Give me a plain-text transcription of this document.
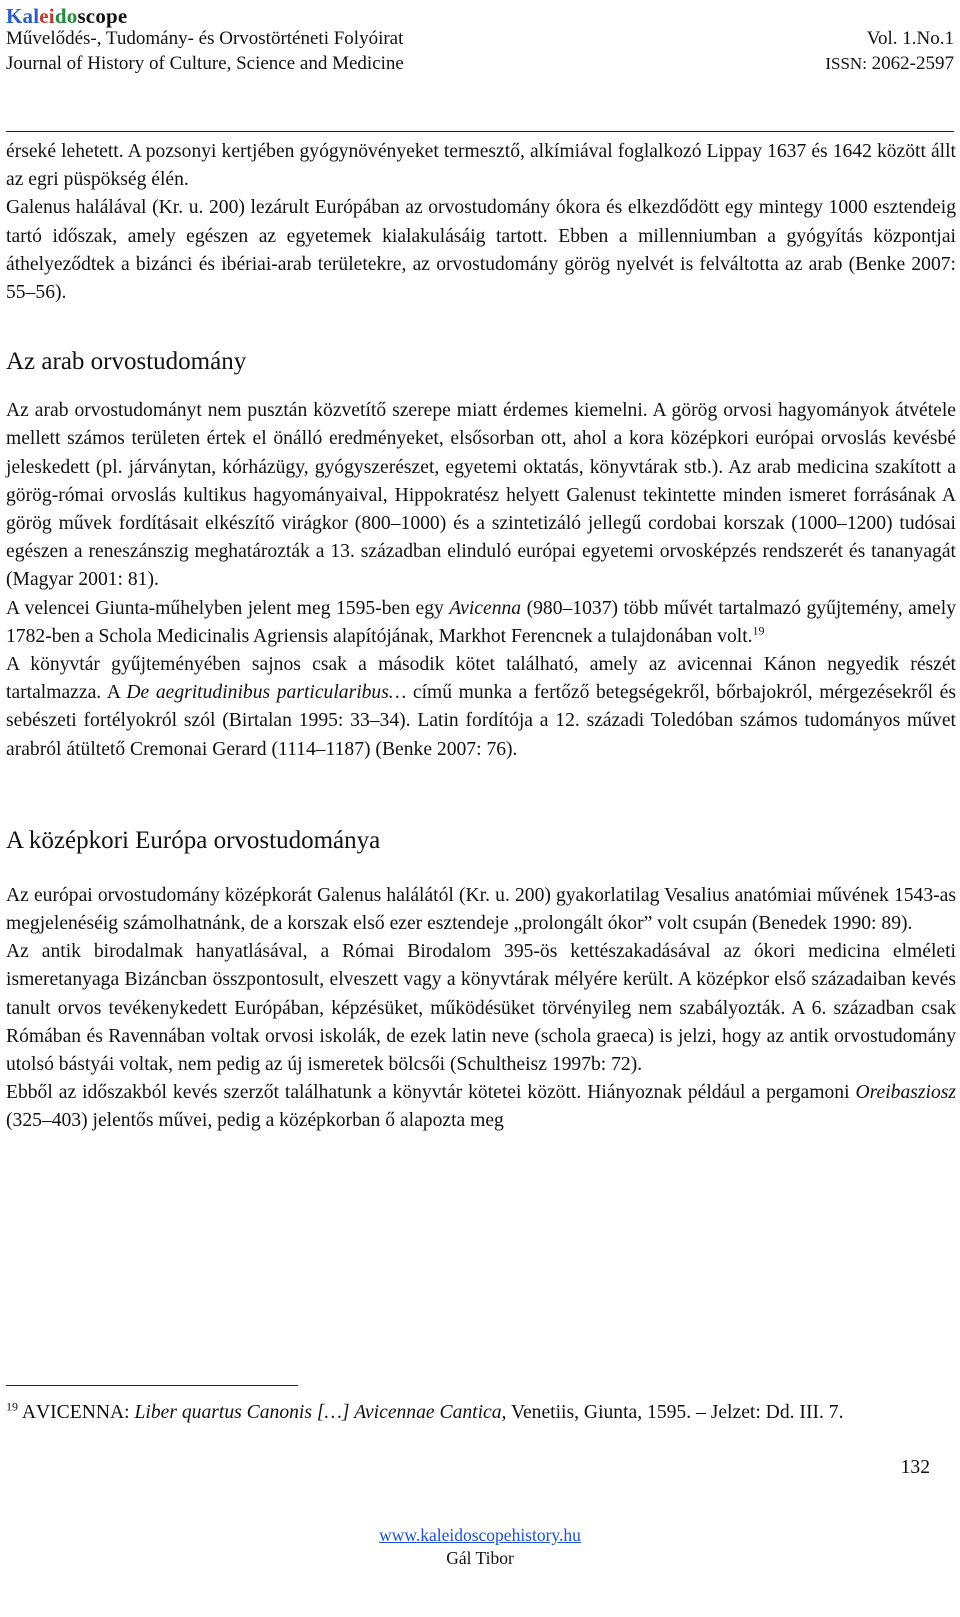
Kaleidoscope
Művelődés-, Tudomány- és Orvostörténeti Folyóirat	Vol. 1.No.1
Journal of History of Culture, Science and Medicine	ISSN: 2062-2597

érseké lehetett. A pozsonyi kertjében gyógynövényeket termesztő, alkímiával foglalkozó Lippay 1637 és 1642 között állt az egri püspökség élén.

Galenus halálával (Kr. u. 200) lezárult Európában az orvostudomány ókora és elkezdődött egy mintegy 1000 esztendeig tartó időszak, amely egészen az egyetemek kialakulásáig tartott. Ebben a millenniumban a gyógyítás központjai áthelyeződtek a bizánci és ibériai-arab területekre, az orvostudomány görög nyelvét is felváltotta az arab (Benke 2007: 55–56).

Az arab orvostudomány

Az arab orvostudományt nem pusztán közvetítő szerepe miatt érdemes kiemelni. A görög orvosi hagyományok átvétele mellett számos területen értek el önálló eredményeket, elsősorban ott, ahol a kora középkori európai orvoslás kevésbé jeleskedett (pl. járványtan, kórházügy, gyógyszerészet, egyetemi oktatás, könyvtárak stb.). Az arab medicina szakított a görög-római orvoslás kultikus hagyományaival, Hippokratész helyett Galenust tekintette minden ismeret forrásának A görög művek fordításait elkészítő virágkor (800–1000) és a szintetizáló jellegű cordobai korszak (1000–1200) tudósai egészen a reneszánszig meghatározták a 13. században elinduló európai egyetemi orvosképzés rendszerét és tananyagát (Magyar 2001: 81).

A velencei Giunta-műhelyben jelent meg 1595-ben egy Avicenna (980–1037) több művét tartalmazó gyűjtemény, amely 1782-ben a Schola Medicinalis Agriensis alapítójának, Markhot Ferencnek a tulajdonában volt.$^{19}$

A könyvtár gyűjteményében sajnos csak a második kötet található, amely az avicennai Kánon negyedik részét tartalmazza. A De aegritudinibus particularibus… című munka a fertőző betegségekről, bőrbajokról, mérgezésekről és sebészeti fortélyokról szól (Birtalan 1995: 33–34). Latin fordítója a 12. századi Toledóban számos tudományos művet arabról átültető Cremonai Gerard (1114–1187) (Benke 2007: 76).

A középkori Európa orvostudománya

Az európai orvostudomány középkorát Galenus halálától (Kr. u. 200) gyakorlatilag Vesalius anatómiai művének 1543-as megjelenéséig számolhatnánk, de a korszak első ezer esztendeje „prolongált ókor” volt csupán (Benedek 1990: 89).

Az antik birodalmak hanyatlásával, a Római Birodalom 395-ös kettészakadásával az ókori medicina elméleti ismeretanyaga Bizáncban összpontosult, elveszett vagy a könyvtárak mélyére került. A középkor első századaiban kevés tanult orvos tevékenykedett Európában, képzésüket, működésüket törvényileg nem szabályozták. A 6. században csak Rómában és Ravennában voltak orvosi iskolák, de ezek latin neve (schola graeca) is jelzi, hogy az antik orvostudomány utolsó bástyái voltak, nem pedig az új ismeretek bölcsői (Schultheisz 1997b: 72).

Ebből az időszakból kevés szerzőt találhatunk a könyvtár kötetei között. Hiányoznak például a pergamoni Oreibasziosz (325–403) jelentős művei, pedig a középkorban ő alapozta meg

$^{19}$ AVICENNA: Liber quartus Canonis […] Avicennae Cantica, Venetiis, Giunta, 1595. – Jelzet: Dd. III. 7.
132
www.kaleidoscopehistory.hu
Gál Tibor
